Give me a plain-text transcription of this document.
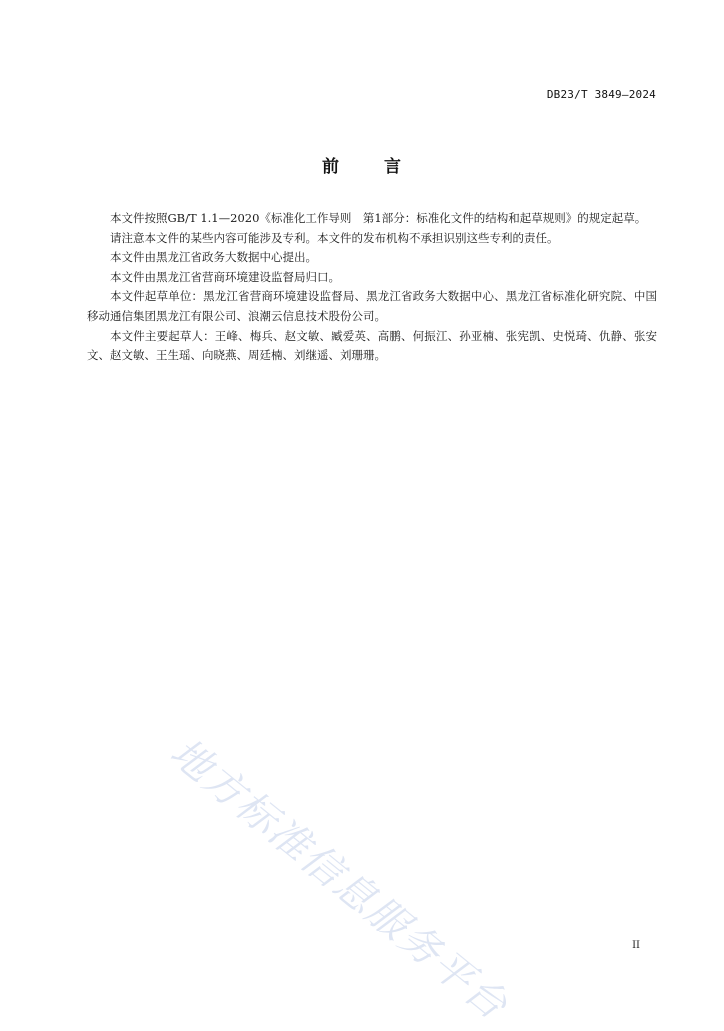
DB23/T 3849—2024
前	言

本文件按照GB/T 1.1—2020《标准化工作导则　第1部分：标准化文件的结构和起草规则》的规定起草。

请注意本文件的某些内容可能涉及专利。本文件的发布机构不承担识别这些专利的责任。

本文件由黑龙江省政务大数据中心提出。

本文件由黑龙江省营商环境建设监督局归口。

本文件起草单位：黑龙江省营商环境建设监督局、黑龙江省政务大数据中心、黑龙江省标准化研究院、中国移动通信集团黑龙江有限公司、浪潮云信息技术股份公司。

本文件主要起草人：王峰、梅兵、赵文敏、臧爱英、高鹏、何振江、孙亚楠、张宪凯、史悦琦、仇静、张安文、赵文敏、王生瑶、向晓燕、周廷楠、刘继遥、刘珊珊。

地方标准信息服务平台	II
